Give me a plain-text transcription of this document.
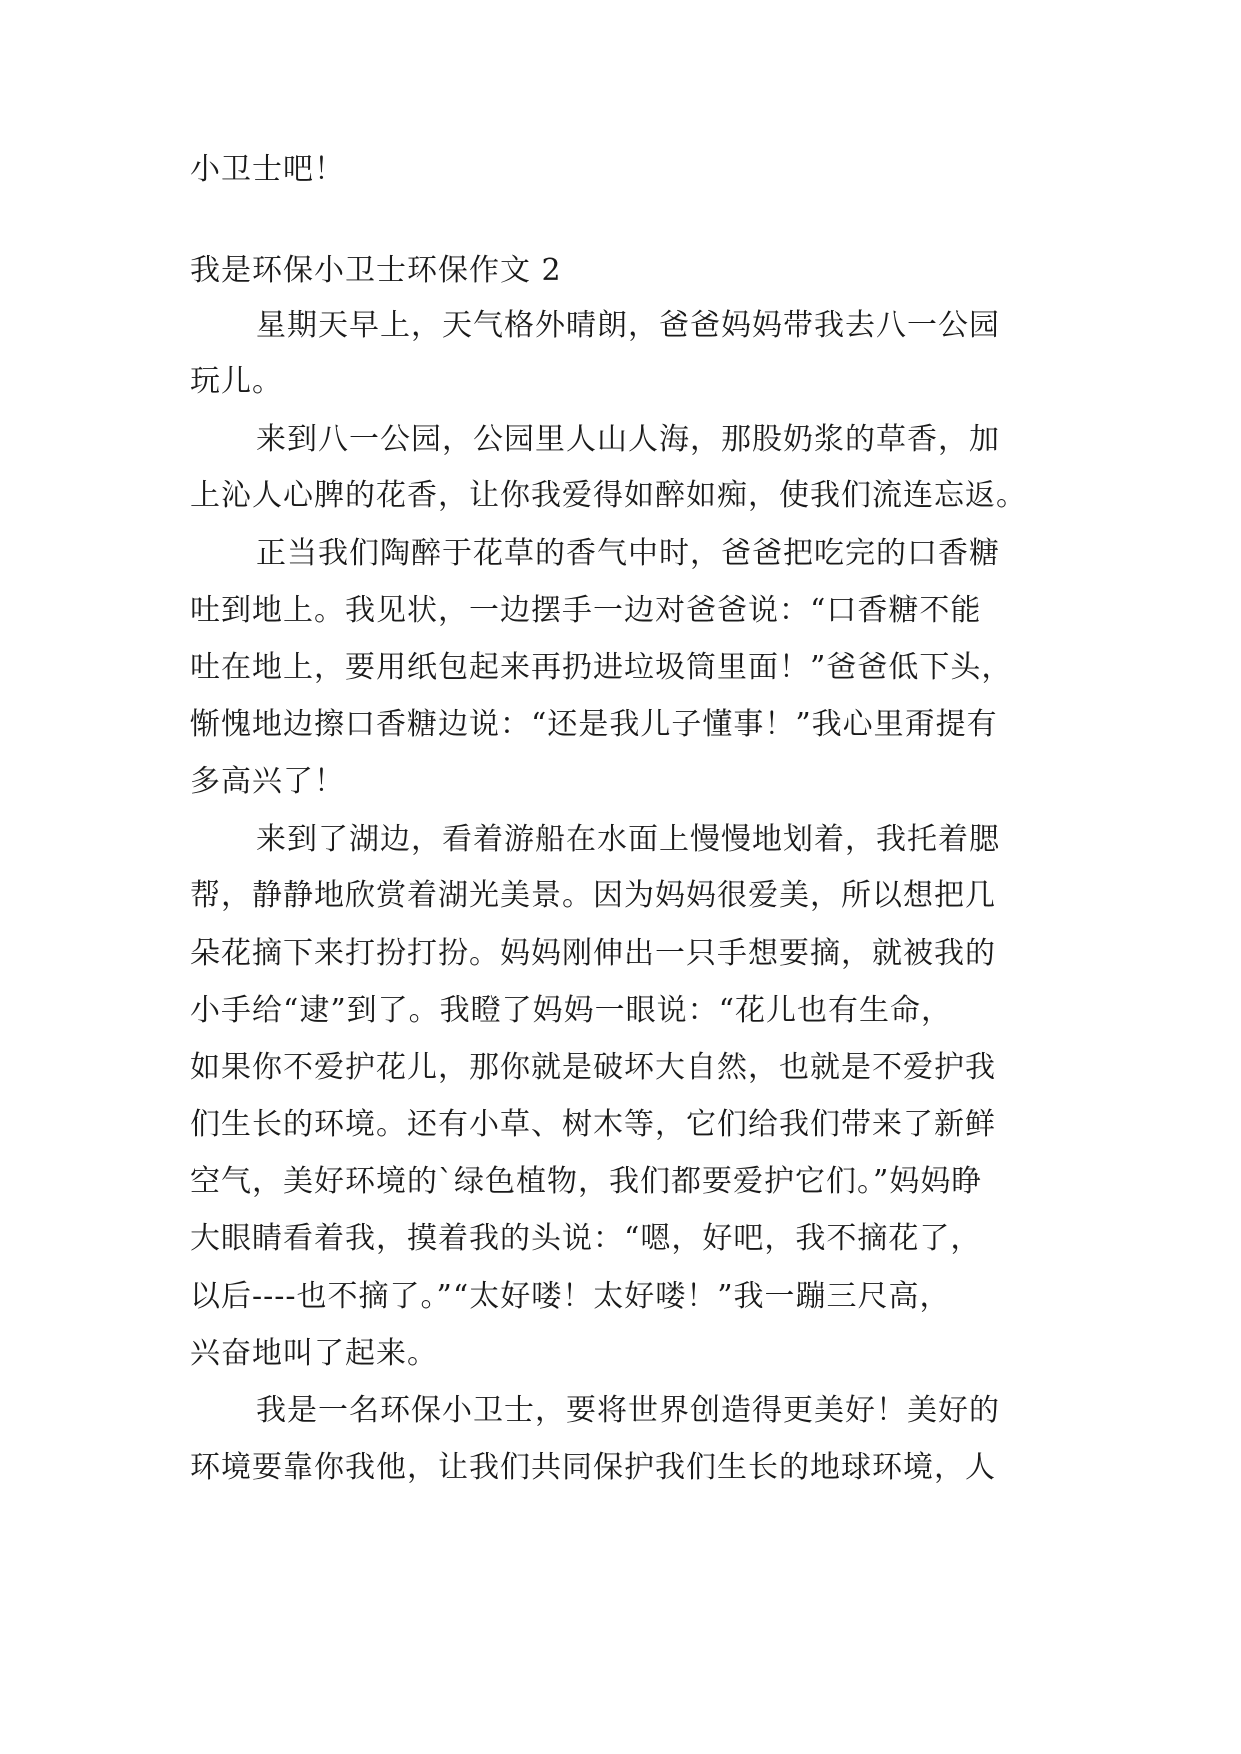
小卫士吧！
我是环保小卫士环保作文 2
星期天早上，天气格外晴朗，爸爸妈妈带我去八一公园
玩儿。
来到八一公园，公园里人山人海，那股奶浆的草香，加
上沁人心脾的花香，让你我爱得如醉如痴，使我们流连忘返。
正当我们陶醉于花草的香气中时，爸爸把吃完的口香糖
吐到地上。我见状，一边摆手一边对爸爸说：“口香糖不能
吐在地上，要用纸包起来再扔进垃圾筒里面！”爸爸低下头，
惭愧地边擦口香糖边说：“还是我儿子懂事！”我心里甭提有
多高兴了！
来到了湖边，看着游船在水面上慢慢地划着，我托着腮
帮，静静地欣赏着湖光美景。因为妈妈很爱美，所以想把几
朵花摘下来打扮打扮。妈妈刚伸出一只手想要摘，就被我的
小手给“逮”到了。我瞪了妈妈一眼说：“花儿也有生命，
如果你不爱护花儿，那你就是破坏大自然，也就是不爱护我
们生长的环境。还有小草、树木等，它们给我们带来了新鲜
空气，美好环境的`绿色植物，我们都要爱护它们。”妈妈睁
大眼睛看着我，摸着我的头说：“嗯，好吧，我不摘花了，
以后----也不摘了。”“太好喽！太好喽！”我一蹦三尺高，
兴奋地叫了起来。
我是一名环保小卫士，要将世界创造得更美好！美好的
环境要靠你我他，让我们共同保护我们生长的地球环境，人
